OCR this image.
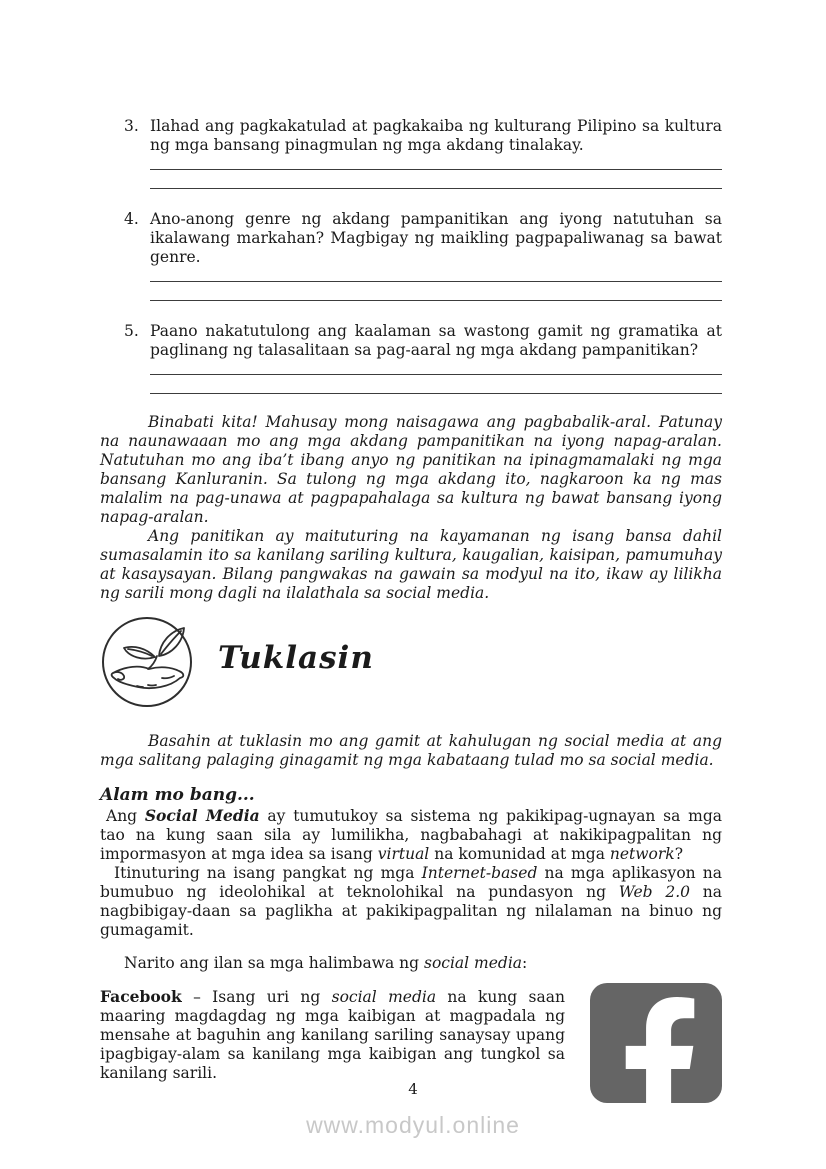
3. Ilahad ang pagkakatulad at pagkakaiba ng kulturang Pilipino sa kultura ng mga bansang pinagmulan ng mga akdang tinalakay.

4. Ano-anong genre ng akdang pampanitikan ang iyong natutuhan sa ikalawang markahan? Magbigay ng maikling pagpapaliwanag sa bawat genre.

5. Paano nakatutulong ang kaalaman sa wastong gamit ng gramatika at paglinang ng talasalitaan sa pag-aaral ng mga akdang pampanitikan?

Binabati kita! Mahusay mong naisagawa ang pagbabalik-aral. Patunay na naunawaaan mo ang mga akdang pampanitikan na iyong napag-aralan. Natutuhan mo ang iba’t ibang anyo ng panitikan na ipinagmamalaki ng mga bansang Kanluranin. Sa tulong ng mga akdang ito, nagkaroon ka ng mas malalim na pag-unawa at pagpapahalaga sa kultura ng bawat bansang iyong napag-aralan.

Ang panitikan ay maituturing na kayamanan ng isang bansa dahil sumasalamin ito sa kanilang sariling kultura, kaugalian, kaisipan, pamumuhay at kasaysayan. Bilang pangwakas na gawain sa modyul na ito, ikaw ay lilikha ng sarili mong dagli na ilalathala sa social media.

Tuklasin

Basahin at tuklasin mo ang gamit at kahulugan ng social media at ang mga salitang palaging ginagamit ng mga kabataang tulad mo sa social media.

Alam mo bang...

Ang Social Media ay tumutukoy sa sistema ng pakikipag-ugnayan sa mga tao na kung saan sila ay lumilikha, nagbabahagi at nakikipagpalitan ng impormasyon at mga idea sa isang virtual na komunidad at mga network?

Itinuturing na isang pangkat ng mga Internet-based na mga aplikasyon na bumubuo ng ideolohikal at teknolohikal na pundasyon ng Web 2.0 na nagbibigay-daan sa paglikha at pakikipagpalitan ng nilalaman na binuo ng gumagamit.

Narito ang ilan sa mga halimbawa ng social media:

Facebook – Isang uri ng social media na kung saan maaring magdagdag ng mga kaibigan at magpadala ng mensahe at baguhin ang kanilang sariling sanaysay upang ipagbigay-alam sa kanilang mga kaibigan ang tungkol sa kanilang sarili.

4
www.modyul.online
